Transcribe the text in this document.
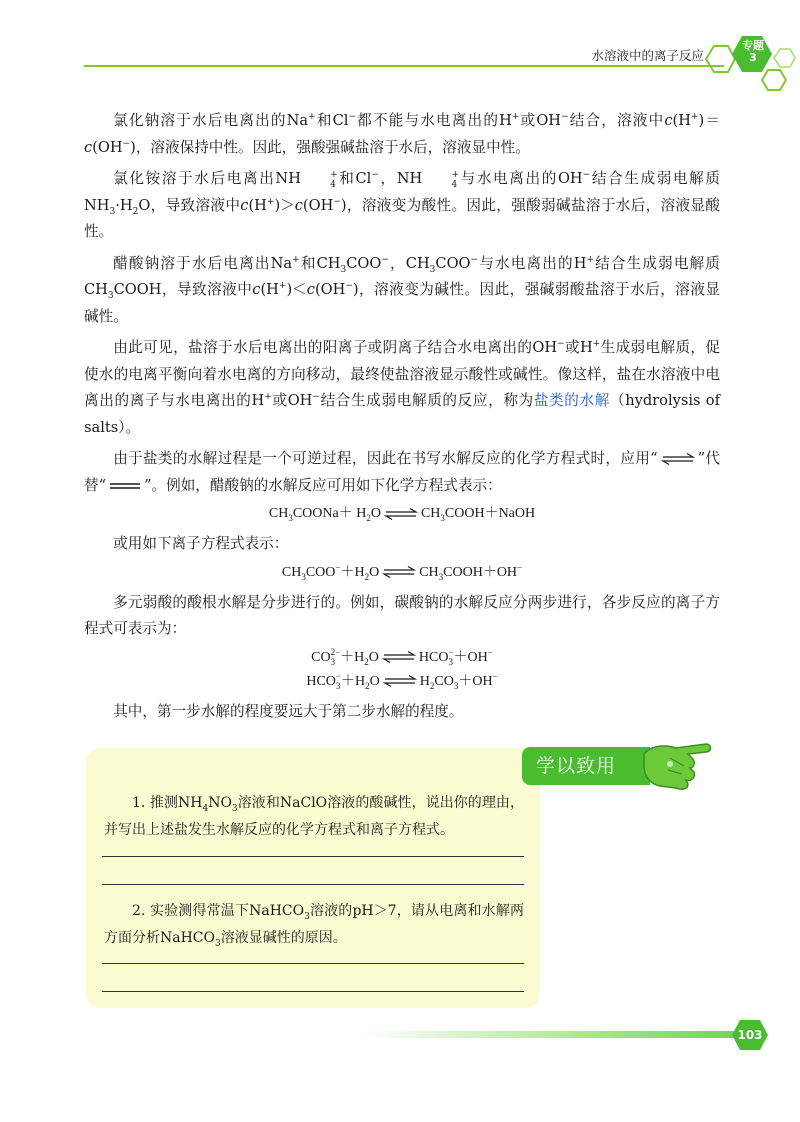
水溶液中的离子反应
专题
3

氯化钠溶于水后电离出的Na+和Cl−都不能与水电离出的H+或OH−结合，溶液中c(H+)＝c(OH−)，溶液保持中性。因此，强酸强碱盐溶于水后，溶液显中性。

氯化铵溶于水后电离出NH	+
4 和Cl−，NH	+
4 与水电离出的OH−结合生成弱电解质$NH_3\cdot H_2O$，导致溶液中c(H+)＞c(OH−)，溶液变为酸性。因此，强酸弱碱盐溶于水后，溶液显酸性。

醋酸钠溶于水后电离出Na+和$CH_3COO^-$，$CH_3COO^-$与水电离出的H+结合生成弱电解质$CH_3COOH$，导致溶液中c(H+)＜c(OH−)，溶液变为碱性。因此，强碱弱酸盐溶于水后，溶液显碱性。

由此可见，盐溶于水后电离出的阳离子或阴离子结合水电离出的OH−或H+生成弱电解质，促使水的电离平衡向着水电离的方向移动，最终使盐溶液显示酸性或碱性。像这样，盐在水溶液中电离出的离子与水电离出的H+或OH−结合生成弱电解质的反应，称为盐类的水解（hydrolysis of salts）。

由于盐类的水解过程是一个可逆过程，因此在书写水解反应的化学方程式时，应用“ ⇌ ”代替“	”。例如，醋酸钠的水解反应可用如下化学方程式表示：

$CH_3COONa+ H_2O$ ⇌ $CH_3COOH+NaOH$

或用如下离子方程式表示：

$CH_3COO^-+H_2O$ ⇌ $CH_3COOH+OH^-$

多元弱酸的酸根水解是分步进行的。例如，碳酸钠的水解反应分两步进行，各步反应的离子方程式可表示为：

CO 2−
$3 +H_2O$ ⇌ HCO −
3 ＋OH−
HCO −
$3 +H_2O$ ⇌ $H_2CO_3+OH^-$

其中，第一步水解的程度要远大于第二步水解的程度。

学以致用

1. 推测$NH_4NO_3$溶液和NaClO溶液的酸碱性，说出你的理由，并写出上述盐发生水解反应的化学方程式和离子方程式。

2. 实验测得常温下NaHCO$_3$溶液的pH＞7，请从电离和水解两方面分析NaHCO$_3$溶液显碱性的原因。

103
